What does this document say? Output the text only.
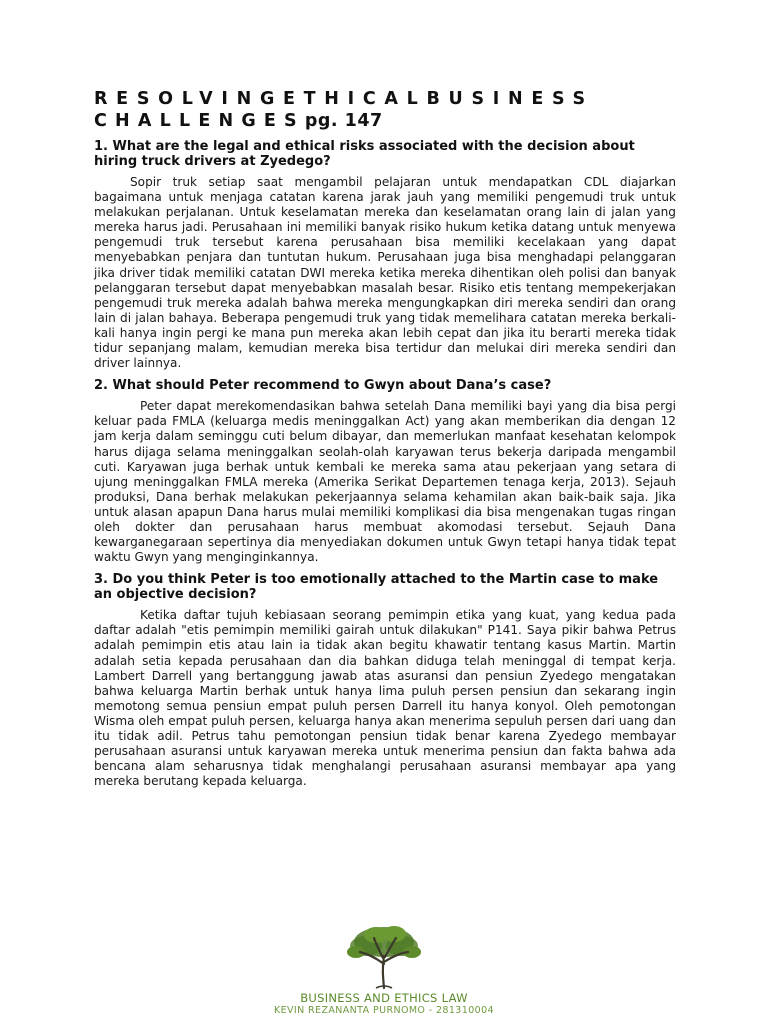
RESOLVINGETHICALBUSINESS
CHALLENGESpg. 147
1. What are the legal and ethical risks associated with the decision about hiring truck drivers at Zyedego?

Sopir truk setiap saat mengambil pelajaran untuk mendapatkan CDL diajarkan bagaimana untuk menjaga catatan karena jarak jauh yang memiliki pengemudi truk untuk melakukan perjalanan. Untuk keselamatan mereka dan keselamatan orang lain di jalan yang mereka harus jadi. Perusahaan ini memiliki banyak risiko hukum ketika datang untuk menyewa pengemudi truk tersebut karena perusahaan bisa memiliki kecelakaan yang dapat menyebabkan penjara dan tuntutan hukum. Perusahaan juga bisa menghadapi pelanggaran jika driver tidak memiliki catatan DWI mereka ketika mereka dihentikan oleh polisi dan banyak pelanggaran tersebut dapat menyebabkan masalah besar. Risiko etis tentang mempekerjakan pengemudi truk mereka adalah bahwa mereka mengungkapkan diri mereka sendiri dan orang lain di jalan bahaya. Beberapa pengemudi truk yang tidak memelihara catatan mereka berkali-kali hanya ingin pergi ke mana pun mereka akan lebih cepat dan jika itu berarti mereka tidak tidur sepanjang malam, kemudian mereka bisa tertidur dan melukai diri mereka sendiri dan driver lainnya.

2. What should Peter recommend to Gwyn about Dana’s case?

Peter dapat merekomendasikan bahwa setelah Dana memiliki bayi yang dia bisa pergi keluar pada FMLA (keluarga medis meninggalkan Act) yang akan memberikan dia dengan 12 jam kerja dalam seminggu cuti belum dibayar, dan memerlukan manfaat kesehatan kelompok harus dijaga selama meninggalkan seolah-olah karyawan terus bekerja daripada mengambil cuti. Karyawan juga berhak untuk kembali ke mereka sama atau pekerjaan yang setara di ujung meninggalkan FMLA mereka (Amerika Serikat Departemen tenaga kerja, 2013). Sejauh produksi, Dana berhak melakukan pekerjaannya selama kehamilan akan baik-baik saja. Jika untuk alasan apapun Dana harus mulai memiliki komplikasi dia bisa mengenakan tugas ringan oleh dokter dan perusahaan harus membuat akomodasi tersebut. Sejauh Dana kewarganegaraan sepertinya dia menyediakan dokumen untuk Gwyn tetapi hanya tidak tepat waktu Gwyn yang menginginkannya.

3. Do you think Peter is too emotionally attached to the Martin case to make an objective decision?

Ketika daftar tujuh kebiasaan seorang pemimpin etika yang kuat, yang kedua pada daftar adalah "etis pemimpin memiliki gairah untuk dilakukan" P141. Saya pikir bahwa Petrus adalah pemimpin etis atau lain ia tidak akan begitu khawatir tentang kasus Martin. Martin adalah setia kepada perusahaan dan dia bahkan diduga telah meninggal di tempat kerja. Lambert Darrell yang bertanggung jawab atas asuransi dan pensiun Zyedego mengatakan bahwa keluarga Martin berhak untuk hanya lima puluh persen pensiun dan sekarang ingin memotong semua pensiun empat puluh persen Darrell itu hanya konyol. Oleh pemotongan Wisma oleh empat puluh persen, keluarga hanya akan menerima sepuluh persen dari uang dan itu tidak adil. Petrus tahu pemotongan pensiun tidak benar karena Zyedego membayar perusahaan asuransi untuk karyawan mereka untuk menerima pensiun dan fakta bahwa ada bencana alam seharusnya tidak menghalangi perusahaan asuransi membayar apa yang mereka berutang kepada keluarga.

BUSINESS AND ETHICS LAW
KEVIN REZANANTA PURNOMO - 281310004
